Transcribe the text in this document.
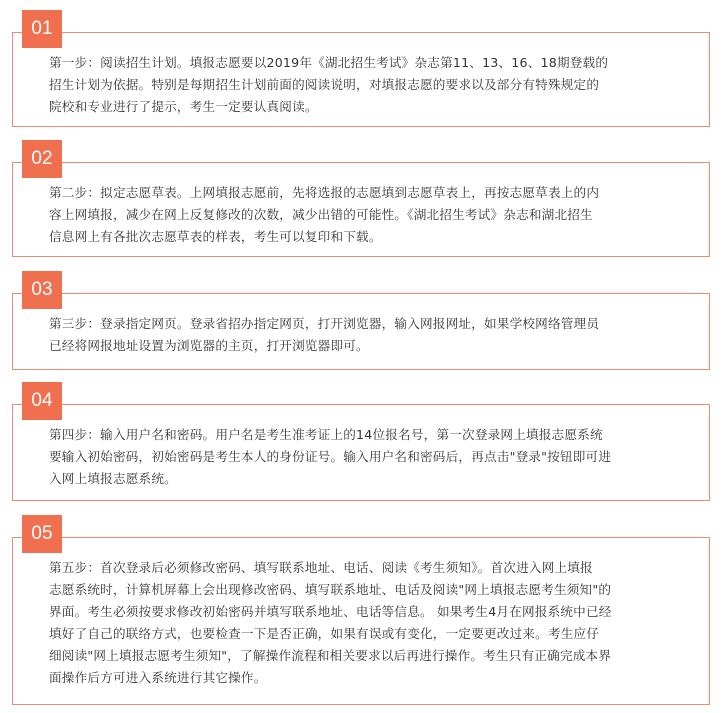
01
第一步：阅读招生计划。填报志愿要以2019年《湖北招生考试》杂志第11、13、16、18期登载的
招生计划为依据。特别是每期招生计划前面的阅读说明，对填报志愿的要求以及部分有特殊规定的
院校和专业进行了提示，考生一定要认真阅读。
02
第二步：拟定志愿草表。上网填报志愿前，先将选报的志愿填到志愿草表上，再按志愿草表上的内
容上网填报，减少在网上反复修改的次数，减少出错的可能性。《湖北招生考试》杂志和湖北招生
信息网上有各批次志愿草表的样表，考生可以复印和下载。
03
第三步：登录指定网页。登录省招办指定网页，打开浏览器，输入网报网址，如果学校网络管理员
已经将网报地址设置为浏览器的主页，打开浏览器即可。
04
第四步：输入用户名和密码。用户名是考生准考证上的14位报名号，第一次登录网上填报志愿系统
要输入初始密码，初始密码是考生本人的身份证号。输入用户名和密码后，再点击"登录"按钮即可进
入网上填报志愿系统。
05
第五步：首次登录后必须修改密码、填写联系地址、电话、阅读《考生须知》。首次进入网上填报
志愿系统时，计算机屏幕上会出现修改密码、填写联系地址、电话及阅读"网上填报志愿考生须知"的
界面。考生必须按要求修改初始密码并填写联系地址、电话等信息。 如果考生4月在网报系统中已经
填好了自己的联络方式，也要检查一下是否正确，如果有误或有变化，一定要更改过来。考生应仔
细阅读"网上填报志愿考生须知"，了解操作流程和相关要求以后再进行操作。考生只有正确完成本界
面操作后方可进入系统进行其它操作。
